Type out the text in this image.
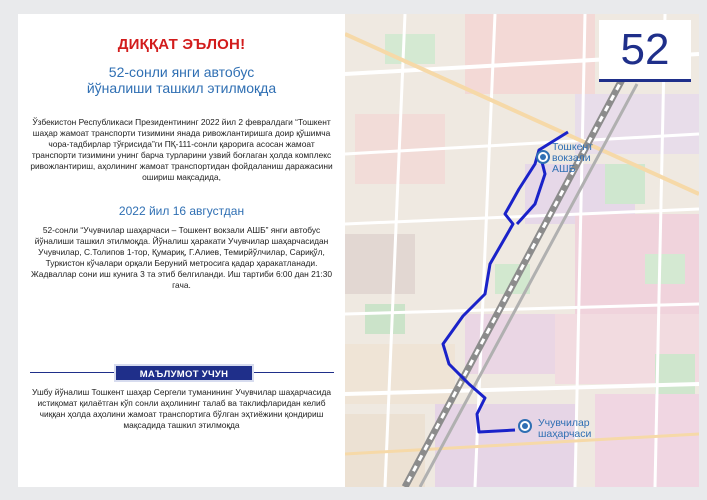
ДИҚҚАТ ЭЪЛОН!
52-сонли янги автобус
йўналиши ташкил этилмоқда
Ўзбекистон Республикаси Президентининг 2022 йил 2 февралдаги “Тошкент шаҳар жамоат транспорти тизимини янада ривожлантиришга доир қўшимча чора-тадбирлар тўғрисида”ги ПҚ-111-сонли қарорига асосан жамоат транспорти тизимини унинг барча турларини узвий боғлаган ҳолда комплекс ривожлантириш, аҳолининг жамоат транспортидан фойдаланиш даражасини ошириш мақсадида,
2022 йил 16 августдан
52-сонли “Учувчилар шаҳарчаси – Тошкент вокзали АШБ” янги автобус йўналиши ташкил этилмоқда. Йўналиш ҳаракати Учувчилар шаҳарчасидан Учувчилар, С.Толипов 1-тор, Қумариқ, Г.Алиев, Темирйўлчилар, Сариқўл, Туркистон кўчалари орқали Беруний метросига қадар ҳаракатланади. Жадваллар сони иш кунига 3 та этиб белгиланди. Иш тартиби 6:00 дан 21:30 гача.
МАЪЛУМОТ УЧУН
Ушбу йўналиш Тошкент шаҳар Сергели туманининг Учувчилар шаҳарчасида истиқомат қилаётган кўп сонли аҳолининг талаб ва таклифларидан келиб чиққан ҳолда аҳолини жамоат транспортига бўлган эҳтиёжини қондириш мақсадида ташкил этилмоқда
Тошкент
вокзали
АШБ
Учувчилар
шаҳарчаси
52
